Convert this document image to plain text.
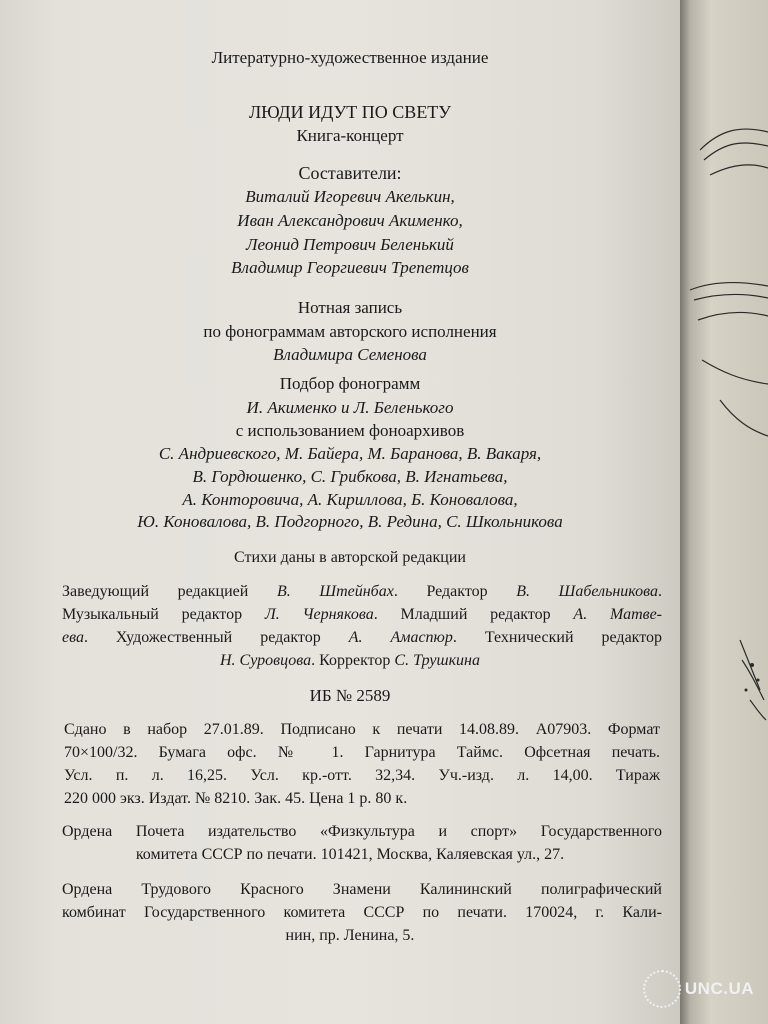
Литературно-художественное издание
ЛЮДИ ИДУТ ПО СВЕТУ
Книга-концерт
Составители:
Виталий Игоревич Акелькин,
Иван Александрович Акименко,
Леонид Петрович Беленький
Владимир Георгиевич Трепетцов
Нотная запись
по фонограммам авторского исполнения
Владимира Семенова
Подбор фонограмм
И. Акименко и Л. Беленького
с использованием фоноархивов
С. Андриевского, М. Байера, М. Баранова, В. Вакаря,
В. Гордюшенко, С. Грибкова, В. Игнатьева,
А. Конторовича, А. Кириллова, Б. Коновалова,
Ю. Коновалова, В. Подгорного, В. Редина, С. Школьникова
Стихи даны в авторской редакции
Заведующий редакцией В. Штейнбах. Редактор В. Шабельникова.
Музыкальный редактор Л. Чернякова. Младший редактор А. Матве-
ева. Художественный редактор А. Амаспюр. Технический редактор
Н. Суровцова. Корректор С. Трушкина
ИБ № 2589
Сдано в набор 27.01.89. Подписано к печати 14.08.89. А07903. Формат
70×100/32. Бумага офс. № 1. Гарнитура Таймс. Офсетная печать.
Усл. п. л. 16,25. Усл. кр.-отт. 32,34. Уч.-изд. л. 14,00. Тираж
220 000 экз. Издат. № 8210. Зак. 45. Цена 1 р. 80 к.
Ордена Почета издательство «Физкультура и спорт» Государственного
комитета СССР по печати. 101421, Москва, Каляевская ул., 27.
Ордена Трудового Красного Знамени Калининский полиграфический
комбинат Государственного комитета СССР по печати. 170024, г. Кали-
нин, пр. Ленина, 5.
UNC.UA
